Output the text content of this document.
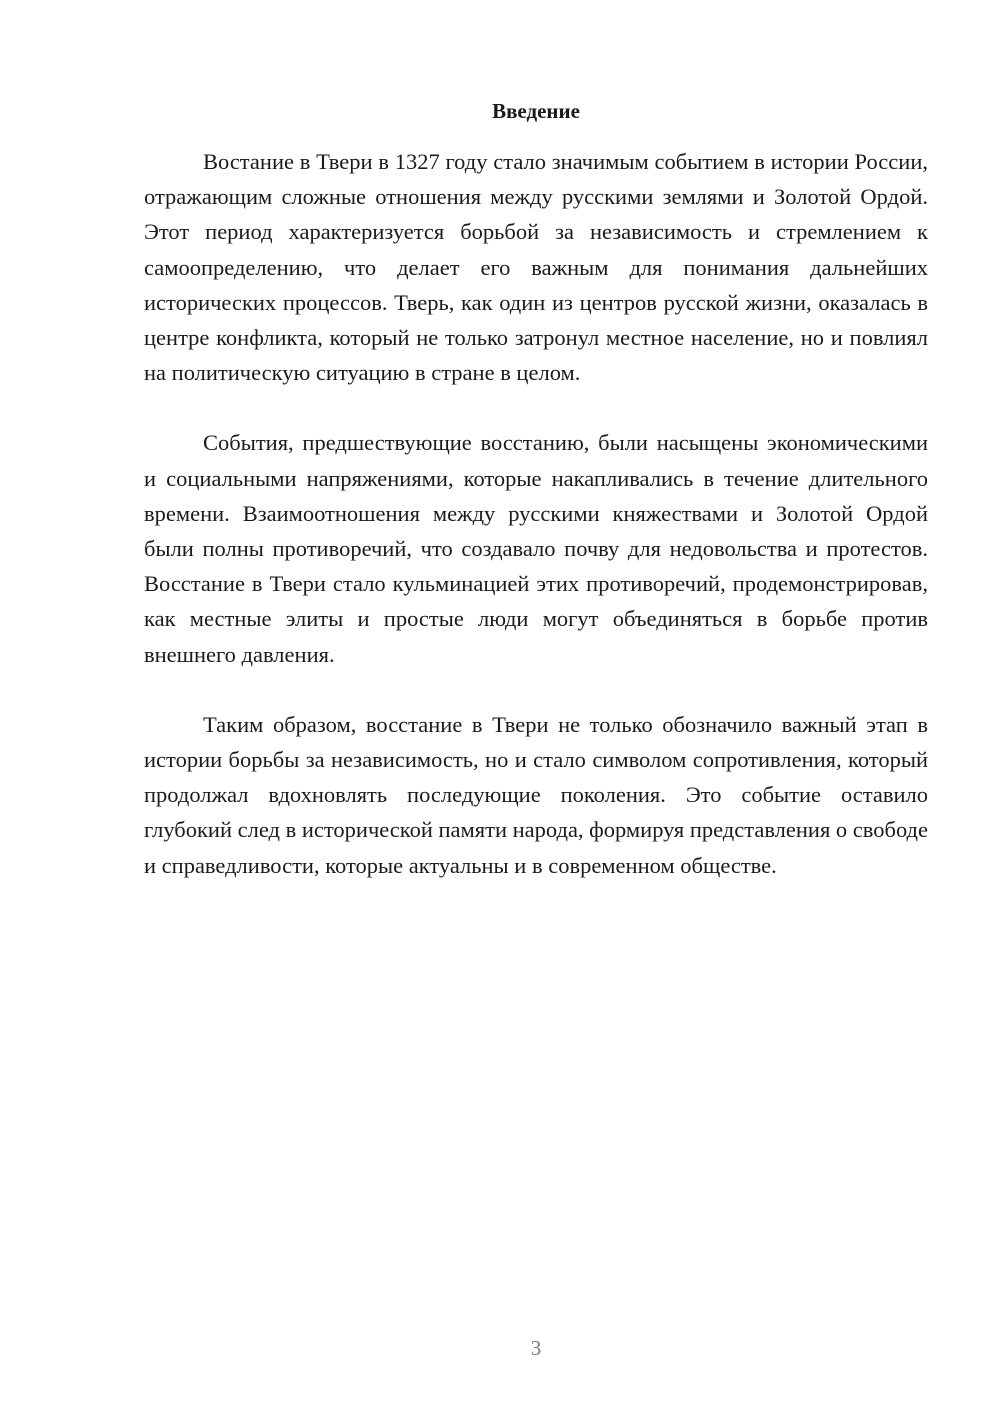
Введение

Востание в Твери в 1327 году стало значимым событием в истории России, отражающим сложные отношения между русскими землями и Золотой Ордой. Этот период характеризуется борьбой за независимость и стремлением к самоопределению, что делает его важным для понимания дальнейших исторических процессов. Тверь, как один из центров русской жизни, оказалась в центре конфликта, который не только затронул местное население, но и повлиял на политическую ситуацию в стране в целом.

События, предшествующие восстанию, были насыщены экономическими и социальными напряжениями, которые накапливались в течение длительного времени. Взаимоотношения между русскими княжествами и Золотой Ордой были полны противоречий, что создавало почву для недовольства и протестов. Восстание в Твери стало кульминацией этих противоречий, продемонстрировав, как местные элиты и простые люди могут объединяться в борьбе против внешнего давления.

Таким образом, восстание в Твери не только обозначило важный этап в истории борьбы за независимость, но и стало символом сопротивления, который продолжал вдохновлять последующие поколения. Это событие оставило глубокий след в исторической памяти народа, формируя представления о свободе и справедливости, которые актуальны и в современном обществе.

3
